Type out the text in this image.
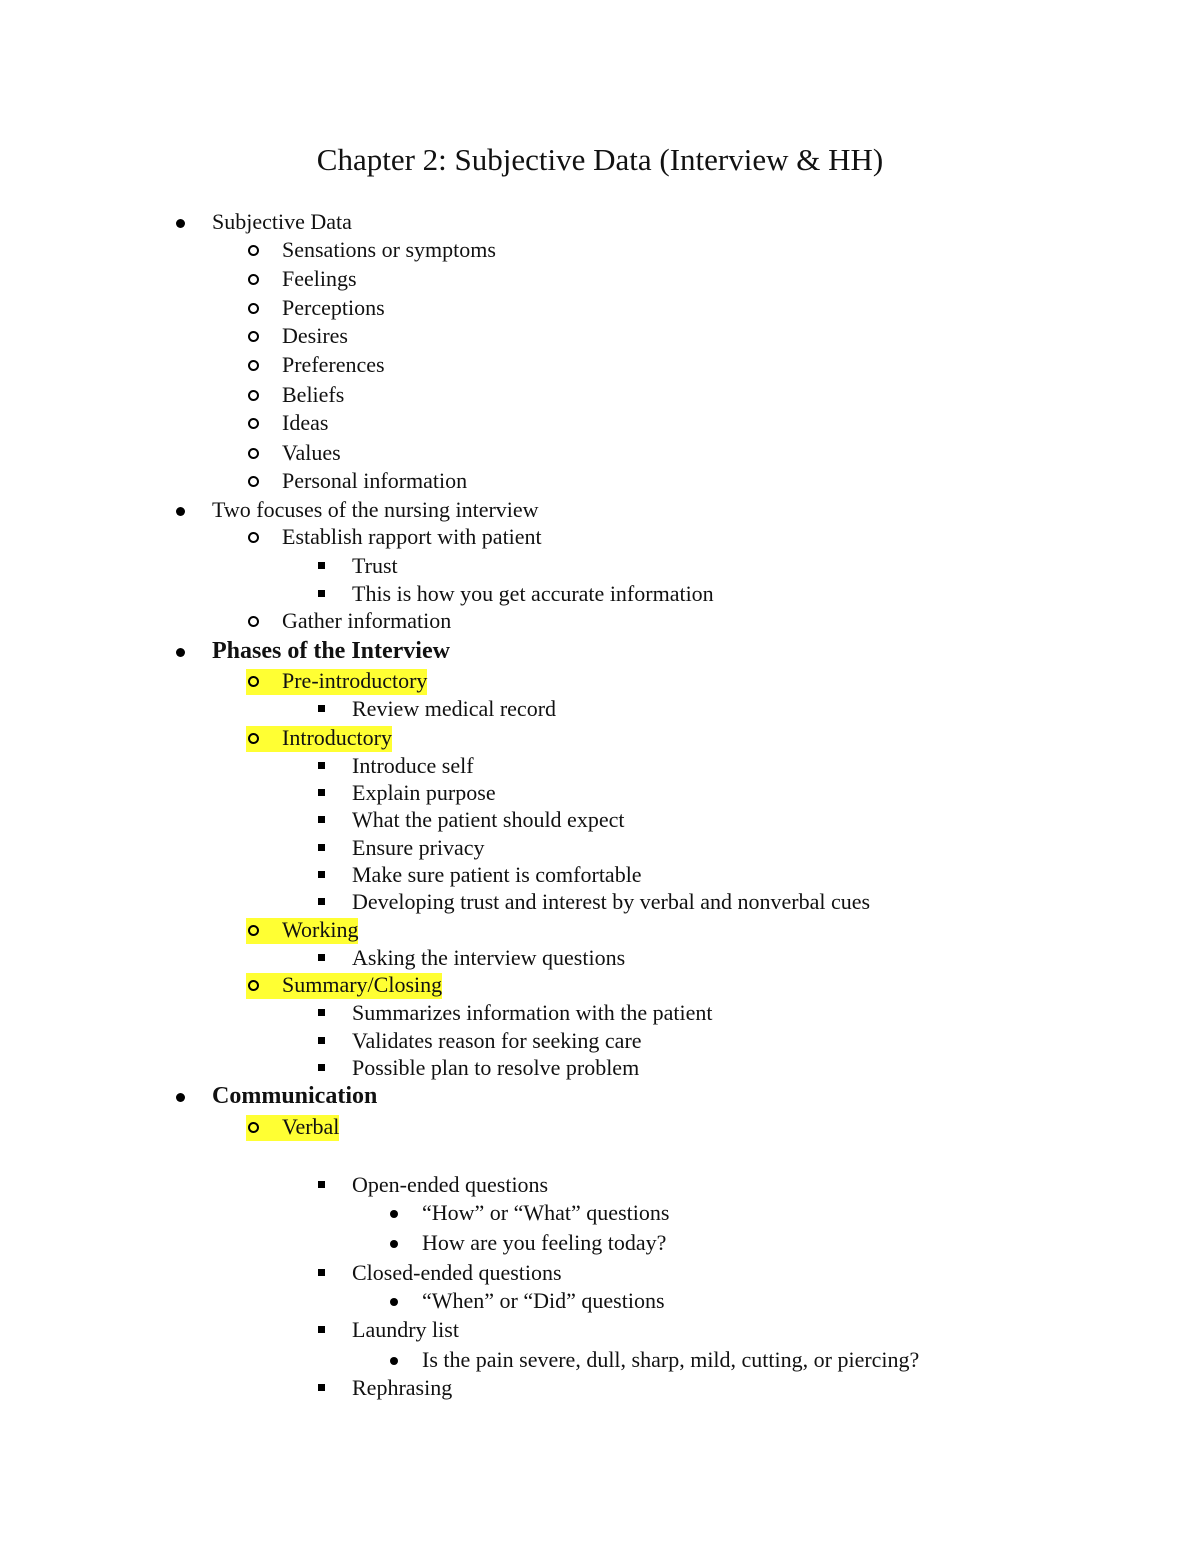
Chapter 2: Subjective Data (Interview & HH)
Subjective Data
Sensations or symptoms
Feelings
Perceptions
Desires
Preferences
Beliefs
Ideas
Values
Personal information
Two focuses of the nursing interview
Establish rapport with patient
Trust
This is how you get accurate information
Gather information
Phases of the Interview
Pre-introductory
Review medical record
Introductory
Introduce self
Explain purpose
What the patient should expect
Ensure privacy
Make sure patient is comfortable
Developing trust and interest by verbal and nonverbal cues
Working
Asking the interview questions
Summary/Closing
Summarizes information with the patient
Validates reason for seeking care
Possible plan to resolve problem
Communication
Verbal
Open-ended questions
“How” or “What” questions
How are you feeling today?
Closed-ended questions
“When” or “Did” questions
Laundry list
Is the pain severe, dull, sharp, mild, cutting, or piercing?
Rephrasing
